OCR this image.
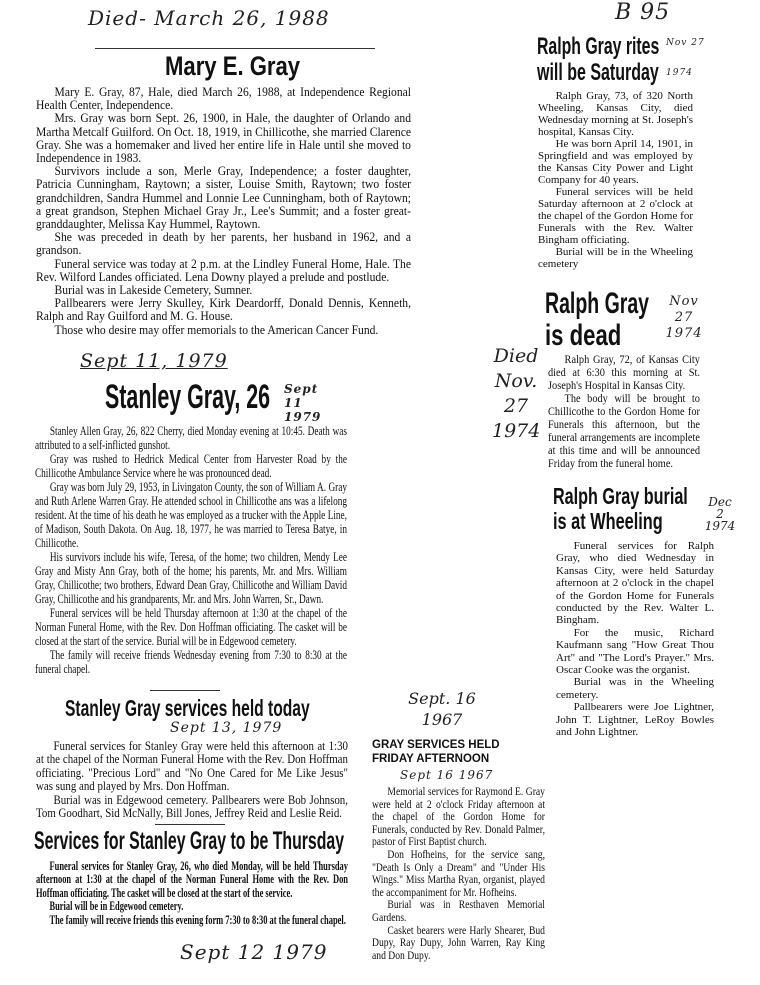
B 95
Died- March 26, 1988
Mary E. Gray

Mary E. Gray, 87, Hale, died March 26, 1988, at Independence Regional Health Center, Independence.

Mrs. Gray was born Sept. 26, 1900, in Hale, the daughter of Orlando and Martha Metcalf Guilford. On Oct. 18, 1919, in Chillicothe, she married Clarence Gray. She was a homemaker and lived her entire life in Hale until she moved to Independence in 1983.

Survivors include a son, Merle Gray, Independence; a foster daughter, Patricia Cunningham, Raytown; a sister, Louise Smith, Raytown; two foster grandchildren, Sandra Hummel and Lonnie Lee Cunningham, both of Raytown; a great grandson, Stephen Michael Gray Jr., Lee's Summit; and a foster great-granddaughter, Melissa Kay Hummel, Raytown.

She was preceded in death by her parents, her husband in 1962, and a grandson.

Funeral service was today at 2 p.m. at the Lindley Funeral Home, Hale. The Rev. Wilford Landes officiated. Lena Downy played a prelude and postlude.

Burial was in Lakeside Cemetery, Sumner.

Pallbearers were Jerry Skulley, Kirk Deardorff, Donald Dennis, Kenneth, Ralph and Ray Guilford and M. G. House.

Those who desire may offer memorials to the American Cancer Fund.

Sept 11, 1979
Stanley Gray, 26 Sept 11 1979

Stanley Allen Gray, 26, 822 Cherry, died Monday evening at 10:45. Death was attributed to a self-inflicted gunshot.

Gray was rushed to Hedrick Medical Center from Harvester Road by the Chillicothe Ambulance Service where he was pronounced dead.

Gray was born July 29, 1953, in Livingaton County, the son of William A. Gray and Ruth Arlene Warren Gray. He attended school in Chillicothe ans was a lifelong resident. At the time of his death he was employed as a trucker with the Apple Line, of Madison, South Dakota. On Aug. 18, 1977, he was married to Teresa Batye, in Chillicothe.

His survivors include his wife, Teresa, of the home; two children, Mendy Lee Gray and Misty Ann Gray, both of the home; his parents, Mr. and Mrs. William Gray, Chillicothe; two brothers, Edward Dean Gray, Chillicothe and William David Gray, Chillicothe and his grandparents, Mr. and Mrs. John Warren, Sr., Dawn.

Funeral services will be held Thursday afternoon at 1:30 at the chapel of the Norman Funeral Home, with the Rev. Don Hoffman officiating. The casket will be closed at the start of the service. Burial will be in Edgewood cemetery.

The family will receive friends Wednesday evening from 7:30 to 8:30 at the funeral chapel.

Stanley Gray services held today
Sept 13, 1979

Funeral services for Stanley Gray were held this afternoon at 1:30 at the chapel of the Norman Funeral Home with the Rev. Don Hoffman officiating. "Precious Lord" and "No One Cared for Me Like Jesus" was sung and played by Mrs. Don Hoffman.

Burial was in Edgewood cemetery. Pallbearers were Bob Johnson, Tom Goodhart, Sid McNally, Bill Jones, Jeffrey Reid and Leslie Reid.

Services for Stanley Gray to be Thursday

Funeral services for Stanley Gray, 26, who died Monday, will be held Thursday afternoon at 1:30 at the chapel of the Norman Funeral Home with the Rev. Don Hoffman officiating. The casket will be closed at the start of the service.

Burial will be in Edgewood cemetery.

The family will receive friends this evening form 7:30 to 8:30 at the funeral chapel.

Sept 12 1979
Ralph Gray rites
will be Saturday
Nov 27
1974

Ralph Gray, 73, of 320 North Wheeling, Kansas City, died Wednesday morning at St. Joseph's hospital, Kansas City.

He was born April 14, 1901, in Springfield and was employed by the Kansas City Power and Light Company for 40 years.

Funeral services will be held Saturday afternoon at 2 o'clock at the chapel of the Gordon Home for Funerals with the Rev. Walter Bingham officiating.

Burial will be in the Wheeling cemetery

Ralph Gray
is dead
Nov 27 1974
Died
Nov.
27
1974

Ralph Gray, 72, of Kansas City died at 6:30 this morning at St. Joseph's Hospital in Kansas City.

The body will be brought to Chillicothe to the Gordon Home for Funerals this afternoon, but the funeral arrangements are incomplete at this time and will be announced Friday from the funeral home.

Ralph Gray burial
is at Wheeling
Dec
2
1974

Funeral services for Ralph Gray, who died Wednesday in Kansas City, were held Saturday afternoon at 2 o'clock in the chapel of the Gordon Home for Funerals conducted by the Rev. Walter L. Bingham.

For the music, Richard Kaufmann sang "How Great Thou Art" and "The Lord's Prayer." Mrs. Oscar Cooke was the organist.

Burial was in the Wheeling cemetery.

Pallbearers were Joe Lightner, John T. Lightner, LeRoy Bowles and John Lightner.

Sept. 16
1967
GRAY SERVICES HELD
FRIDAY AFTERNOON
Sept 16 1967

Memorial services for Raymond E. Gray were held at 2 o'clock Friday afternoon at the chapel of the Gordon Home for Funerals, conducted by Rev. Donald Palmer, pastor of First Baptist church.

Don Hofheins, for the service sang, "Death Is Only a Dream" and "Under His Wings." Miss Martha Ryan, organist, played the accompaniment for Mr. Hofheins.

Burial was in Resthaven Memorial Gardens.

Casket bearers were Harly Shearer, Bud Dupy, Ray Dupy, John Warren, Ray King and Don Dupy.
